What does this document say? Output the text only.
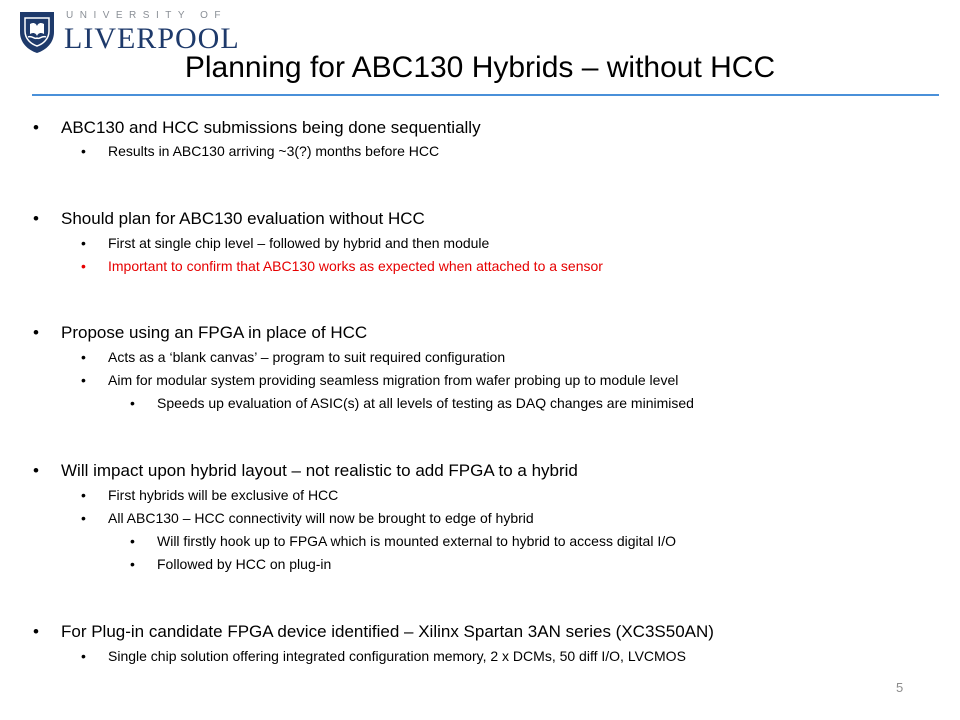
UNIVERSITY OF
LIVERPOOL
Planning for ABC130 Hybrids – without HCC
• ABC130 and HCC submissions being done sequentially
• Results in ABC130 arriving ~3(?) months before HCC
• Should plan for ABC130 evaluation without HCC
• First at single chip level – followed by hybrid and then module
• Important to confirm that ABC130 works as expected when attached to a sensor
• Propose using an FPGA in place of HCC
• Acts as a ‘blank canvas’ – program to suit required configuration
• Aim for modular system providing seamless migration from wafer probing up to module level
• Speeds up evaluation of ASIC(s) at all levels of testing as DAQ changes are minimised
• Will impact upon hybrid layout – not realistic to add FPGA to a hybrid
• First hybrids will be exclusive of HCC
• All ABC130 – HCC connectivity will now be brought to edge of hybrid
• Will firstly hook up to FPGA which is mounted external to hybrid to access digital I/O
• Followed by HCC on plug-in
• For Plug-in candidate FPGA device identified – Xilinx Spartan 3AN series (XC3S50AN)
• Single chip solution offering integrated configuration memory, 2 x DCMs, 50 diff I/O, LVCMOS
5
